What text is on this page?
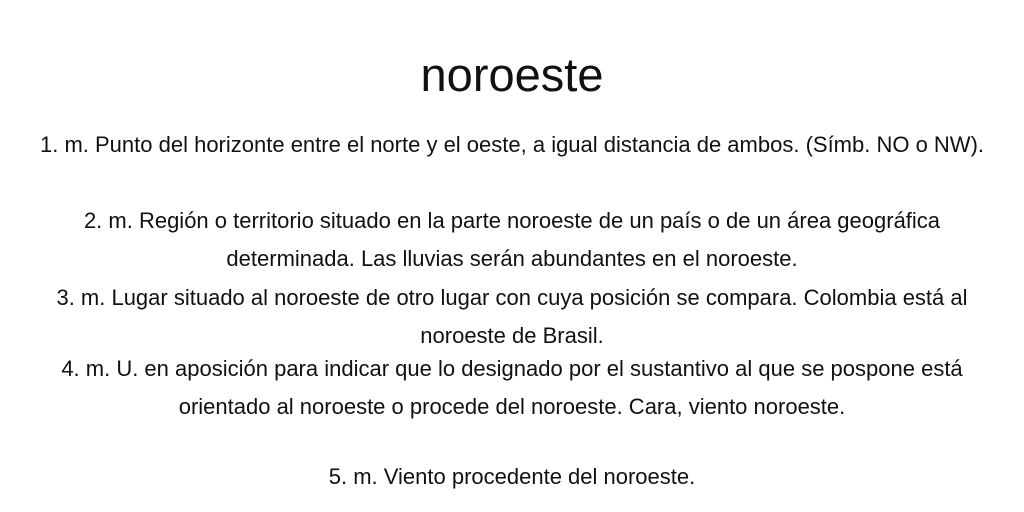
noroeste

1. m. Punto del horizonte entre el norte y el oeste, a igual distancia de ambos. (Símb. NO o NW).

2. m. Región o territorio situado en la parte noroeste de un país o de un área geográfica determinada. Las lluvias serán abundantes en el noroeste.

3. m. Lugar situado al noroeste de otro lugar con cuya posición se compara. Colombia está al noroeste de Brasil.

4. m. U. en aposición para indicar que lo designado por el sustantivo al que se pospone está orientado al noroeste o procede del noroeste. Cara, viento noroeste.

5. m. Viento procedente del noroeste.
